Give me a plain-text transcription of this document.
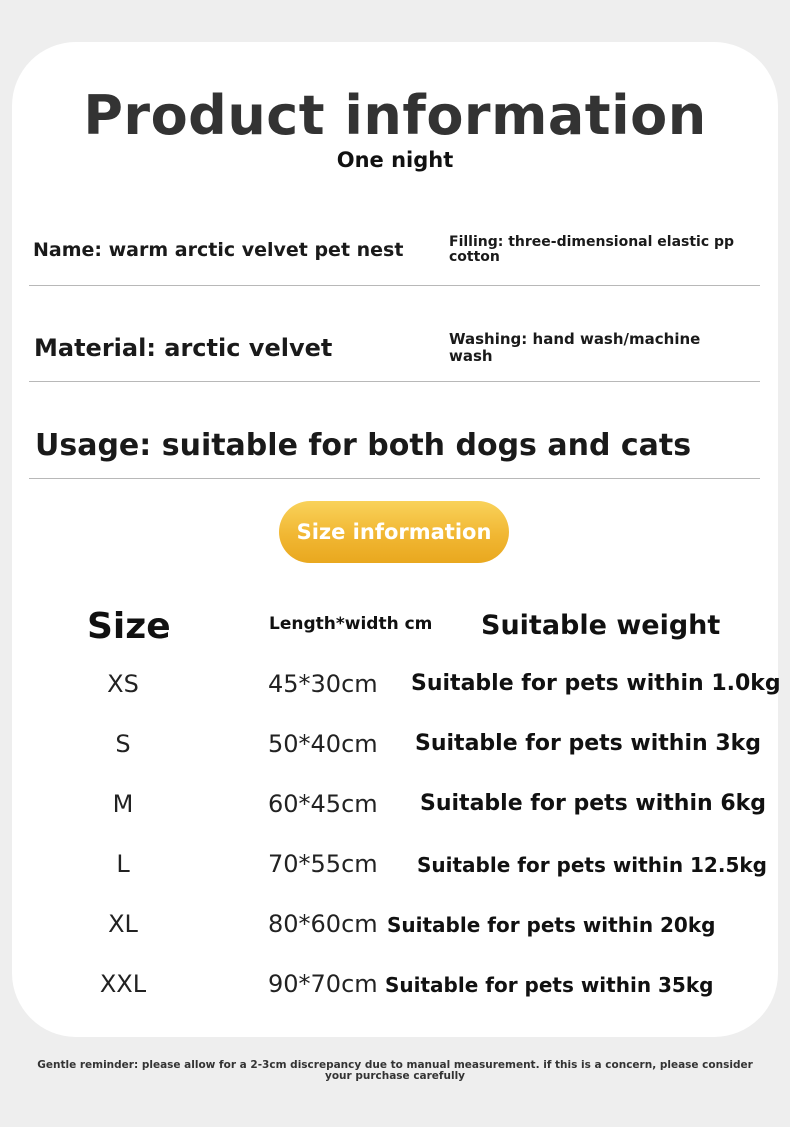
Product information
One night
Name: warm arctic velvet pet nest	Filling: three-dimensional elastic pp cotton
Material: arctic velvet	Washing: hand wash/machine wash
Usage: suitable for both dogs and cats
Size information
Size	Length*width cm Suitable weight
XS	45*30cm Suitable for pets within 1.0kg
S	50*40cm Suitable for pets within 3kg
M	60*45cm Suitable for pets within 6kg
L	70*55cm Suitable for pets within 12.5kg
XL	80*60cm Suitable for pets within 20kg
XXL	90*70cm Suitable for pets within 35kg
Gentle reminder: please allow for a 2-3cm discrepancy due to manual measurement. if this is a concern, please consider your purchase carefully
